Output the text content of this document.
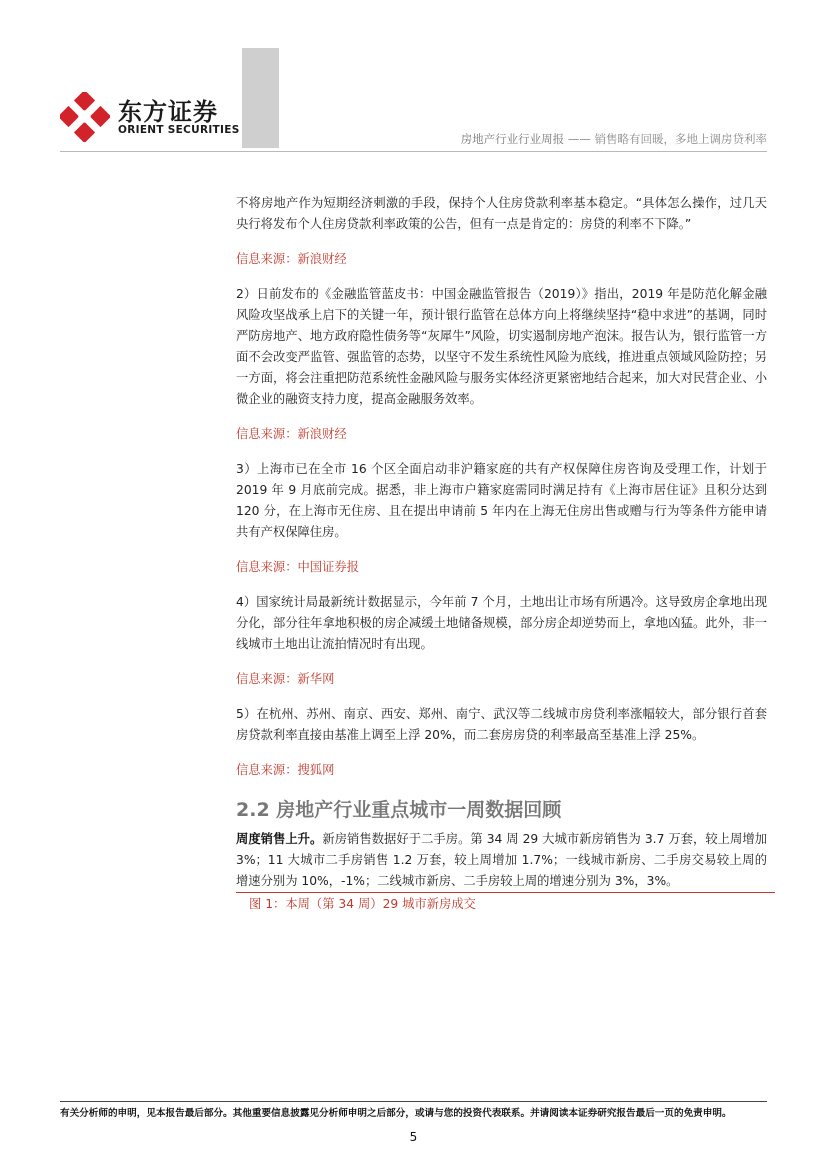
东方证券
ORIENT SECURITIES
房地产行业行业周报 —— 销售略有回暖，多地上调房贷利率

不将房地产作为短期经济刺激的手段，保持个人住房贷款利率基本稳定。“具体怎么操作，过几天央行将发布个人住房贷款利率政策的公告，但有一点是肯定的：房贷的利率不下降。”

信息来源：新浪财经

2）日前发布的《金融监管蓝皮书：中国金融监管报告（2019）》指出，2019 年是防范化解金融风险攻坚战承上启下的关键一年，预计银行监管在总体方向上将继续坚持“稳中求进”的基调，同时严防房地产、地方政府隐性债务等“灰犀牛”风险，切实遏制房地产泡沫。报告认为，银行监管一方面不会改变严监管、强监管的态势，以坚守不发生系统性风险为底线，推进重点领域风险防控；另一方面，将会注重把防范系统性金融风险与服务实体经济更紧密地结合起来，加大对民营企业、小微企业的融资支持力度，提高金融服务效率。

信息来源：新浪财经

3）上海市已在全市 16 个区全面启动非沪籍家庭的共有产权保障住房咨询及受理工作，计划于 2019 年 9 月底前完成。据悉，非上海市户籍家庭需同时满足持有《上海市居住证》且积分达到 120 分，在上海市无住房、且在提出申请前 5 年内在上海无住房出售或赠与行为等条件方能申请共有产权保障住房。

信息来源：中国证券报

4）国家统计局最新统计数据显示，今年前 7 个月，土地出让市场有所遇冷。这导致房企拿地出现分化，部分往年拿地积极的房企减缓土地储备规模，部分房企却逆势而上，拿地凶猛。此外，非一线城市土地出让流拍情况时有出现。

信息来源：新华网

5）在杭州、苏州、南京、西安、郑州、南宁、武汉等二线城市房贷利率涨幅较大，部分银行首套房贷款利率直接由基准上调至上浮 20%，而二套房房贷的利率最高至基准上浮 25%。

信息来源：搜狐网

2.2 房地产行业重点城市一周数据回顾

周度销售上升。新房销售数据好于二手房。第 34 周 29 大城市新房销售为 3.7 万套，较上周增加 3%；11 大城市二手房销售 1.2 万套，较上周增加 1.7%；一线城市新房、二手房交易较上周的增速分别为 10%，-1%；二线城市新房、二手房较上周的增速分别为 3%，3%。

图 1：本周（第 34 周）29 城市新房成交
有关分析师的申明，见本报告最后部分。其他重要信息披露见分析师申明之后部分，或请与您的投资代表联系。并请阅读本证券研究报告最后一页的免责申明。
5
